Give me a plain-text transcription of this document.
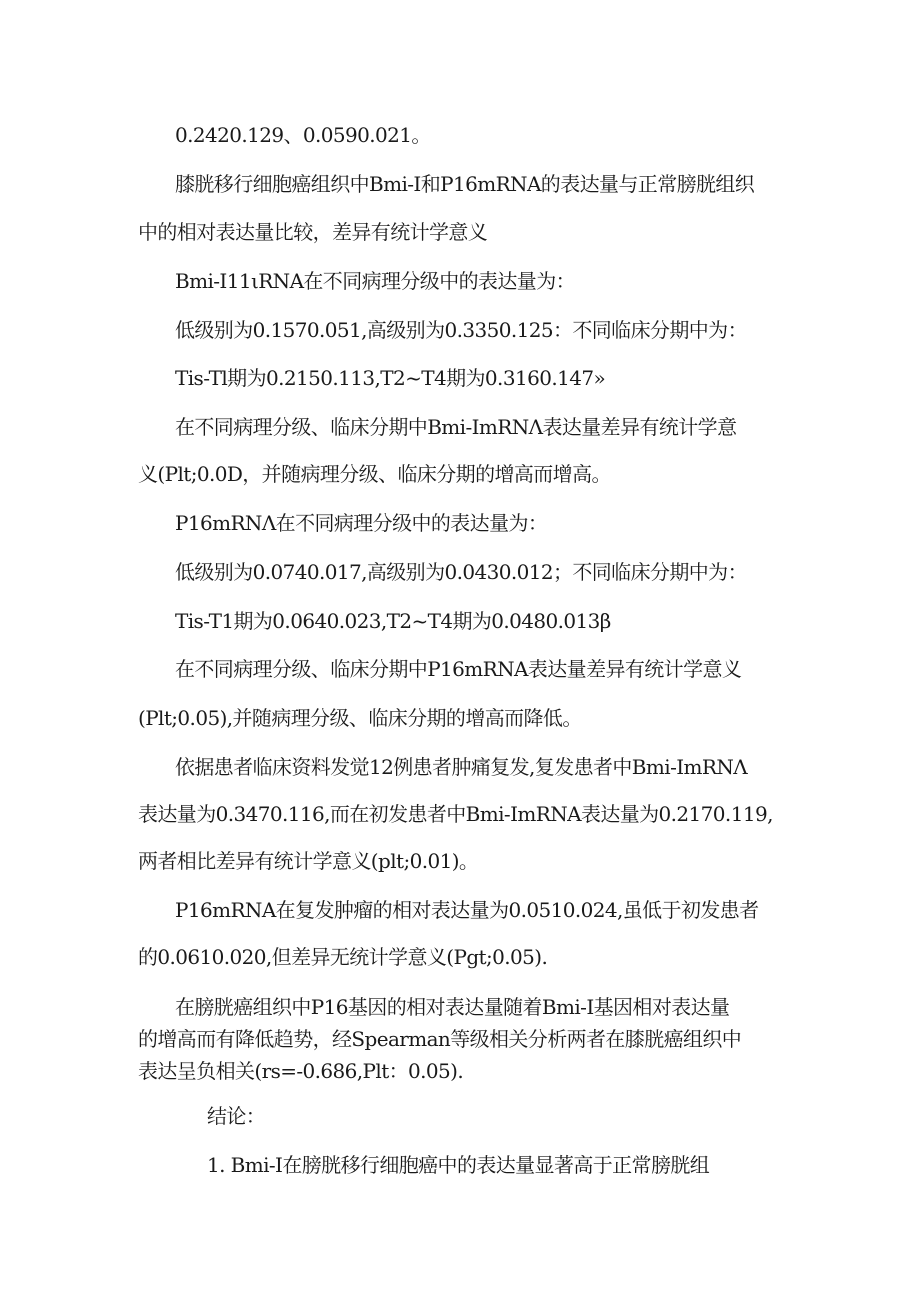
0.2420.129、0.0590.021。
膝胱移行细胞癌组织中Bmi-I和P16mRNA的表达量与正常膀胱组织
中的相对表达量比较，差异有统计学意义
Bmi-I11ιRNA在不同病理分级中的表达量为：
低级别为0.1570.051,高级别为0.3350.125：不同临床分期中为：
Tis-Tl期为0.2150.113,T2~T4期为0.3160.147»
在不同病理分级、临床分期中Bmi-ImRNΛ表达量差异有统计学意
义(Plt;0.0D，并随病理分级、临床分期的增高而增高。
P16mRNΛ在不同病理分级中的表达量为：
低级别为0.0740.017,高级别为0.0430.012；不同临床分期中为：
Tis-T1期为0.0640.023,T2~T4期为0.0480.013β
在不同病理分级、临床分期中P16mRNA表达量差异有统计学意义
(Plt;0.05),并随病理分级、临床分期的增高而降低。
依据患者临床资料发觉12例患者肿痛复发,复发患者中Bmi-ImRNΛ
表达量为0.3470.116,而在初发患者中Bmi-ImRNA表达量为0.2170.119,
两者相比差异有统计学意义(plt;0.01)。
P16mRNA在复发肿瘤的相对表达量为0.0510.024,虽低于初发患者
的0.0610.020,但差异无统计学意义(Pgt;0.05).
在膀胱癌组织中P16基因的相对表达量随着Bmi-I基因相对表达量
的增高而有降低趋势，经Spearman等级相关分析两者在膝胱癌组织中
表达呈负相关(rs=-0.686,Plt：0.05).
结论：
1. Bmi-I在膀胱移行细胞癌中的表达量显著高于正常膀胱组
